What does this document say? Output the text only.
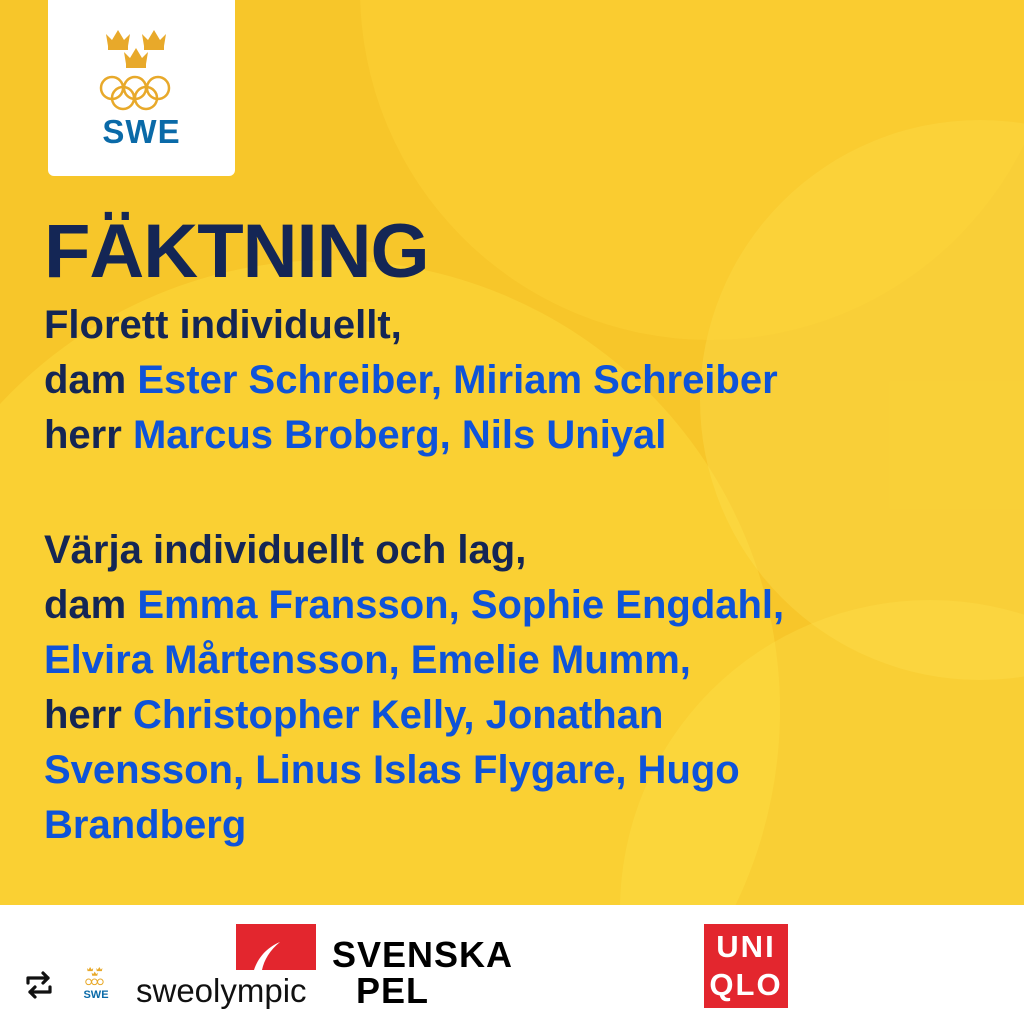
SWE
FÄKTNING
Florett individuellt,
dam Ester Schreiber, Miriam Schreiber
herr Marcus Broberg, Nils Uniyal
Värja individuellt och lag,
dam Emma Fransson, Sophie Engdahl,
Elvira Mårtensson, Emelie Mumm,
herr Christopher Kelly, Jonathan
Svensson, Linus Islas Flygare, Hugo
Brandberg
SWE sweolympic
SVENSKA
PEL
UNI
QLO
